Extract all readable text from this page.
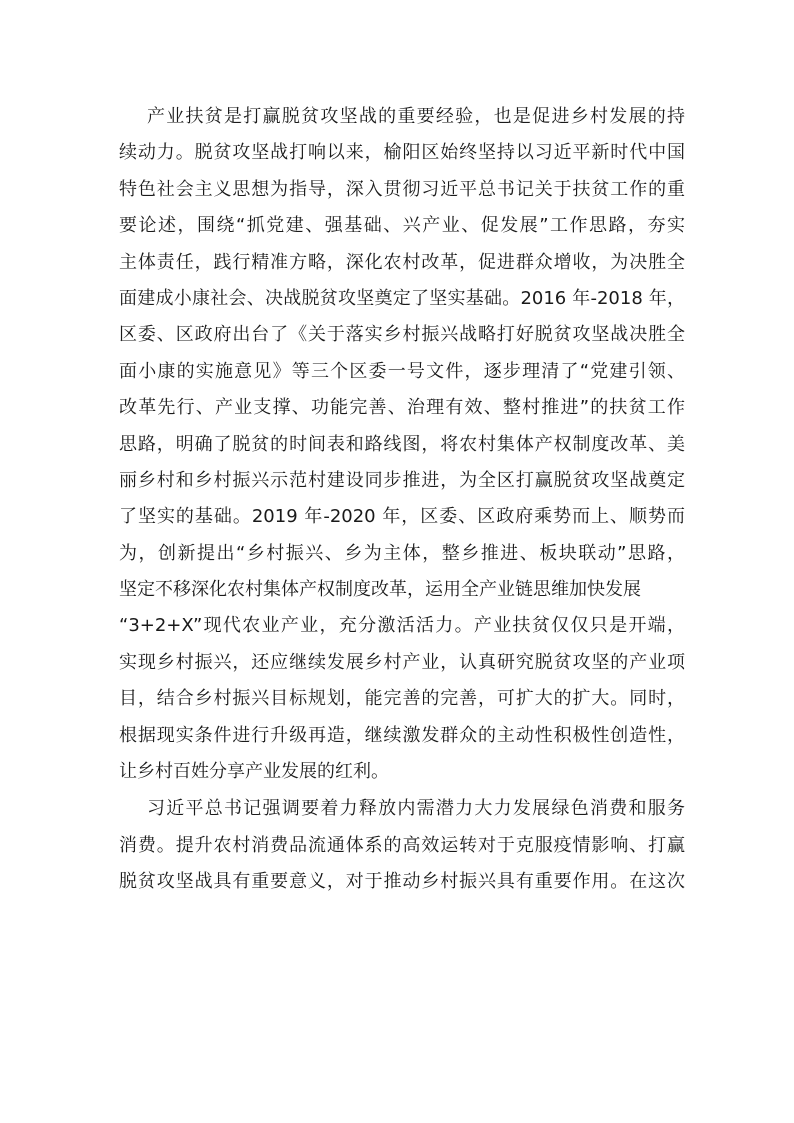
产业扶贫是打赢脱贫攻坚战的重要经验，也是促进乡村发展的持
续动力。脱贫攻坚战打响以来，榆阳区始终坚持以习近平新时代中国
特色社会主义思想为指导，深入贯彻习近平总书记关于扶贫工作的重
要论述，围绕“抓党建、强基础、兴产业、促发展”工作思路，夯实
主体责任，践行精准方略，深化农村改革，促进群众增收，为决胜全
面建成小康社会、决战脱贫攻坚奠定了坚实基础。2016 年-2018 年，
区委、区政府出台了《关于落实乡村振兴战略打好脱贫攻坚战决胜全
面小康的实施意见》等三个区委一号文件，逐步理清了“党建引领、
改革先行、产业支撑、功能完善、治理有效、整村推进”的扶贫工作
思路，明确了脱贫的时间表和路线图，将农村集体产权制度改革、美
丽乡村和乡村振兴示范村建设同步推进，为全区打赢脱贫攻坚战奠定
了坚实的基础。2019 年-2020 年，区委、区政府乘势而上、顺势而
为，创新提出“乡村振兴、乡为主体，整乡推进、板块联动”思路，
坚定不移深化农村集体产权制度改革，运用全产业链思维加快发展
“3+2+X”现代农业产业，充分激活活力。产业扶贫仅仅只是开端，
实现乡村振兴，还应继续发展乡村产业，认真研究脱贫攻坚的产业项
目，结合乡村振兴目标规划，能完善的完善，可扩大的扩大。同时，
根据现实条件进行升级再造，继续激发群众的主动性积极性创造性，
让乡村百姓分享产业发展的红利。
习近平总书记强调要着力释放内需潜力大力发展绿色消费和服务
消费。提升农村消费品流通体系的高效运转对于克服疫情影响、打赢
脱贫攻坚战具有重要意义，对于推动乡村振兴具有重要作用。在这次
